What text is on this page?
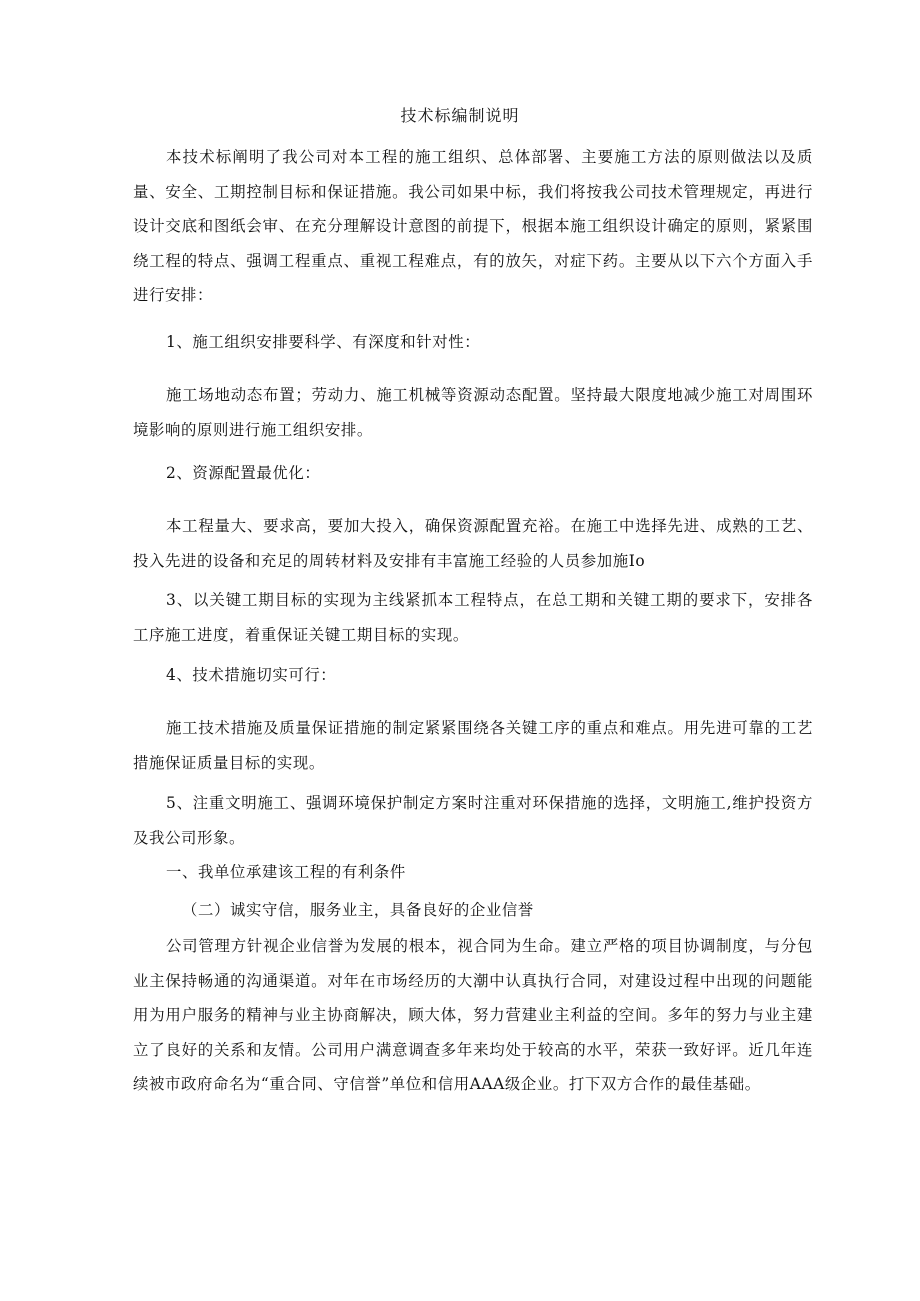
技术标编制说明

本技术标阐明了我公司对本工程的施工组织、总体部署、主要施工方法的原则做法以及质量、安全、工期控制目标和保证措施。我公司如果中标，我们将按我公司技术管理规定，再进行设计交底和图纸会审、在充分理解设计意图的前提下，根据本施工组织设计确定的原则，紧紧围绕工程的特点、强调工程重点、重视工程难点，有的放矢，对症下药。主要从以下六个方面入手进行安排：

1、施工组织安排要科学、有深度和针对性：

施工场地动态布置；劳动力、施工机械等资源动态配置。坚持最大限度地减少施工对周围环境影响的原则进行施工组织安排。

2、资源配置最优化：

本工程量大、要求高，要加大投入，确保资源配置充裕。在施工中选择先进、成熟的工艺、投入先进的设备和充足的周转材料及安排有丰富施工经验的人员参加施Io

3、以关键工期目标的实现为主线紧抓本工程特点，在总工期和关键工期的要求下，安排各工序施工进度，着重保证关键工期目标的实现。

4、技术措施切实可行：

施工技术措施及质量保证措施的制定紧紧围绕各关键工序的重点和难点。用先进可靠的工艺措施保证质量目标的实现。

5、注重文明施工、强调环境保护制定方案时注重对环保措施的选择，文明施工,维护投资方及我公司形象。

一、我单位承建该工程的有利条件

（二）诚实守信，服务业主，具备良好的企业信誉

公司管理方针视企业信誉为发展的根本，视合同为生命。建立严格的项目协调制度，与分包业主保持畅通的沟通渠道。对年在市场经历的大潮中认真执行合同，对建设过程中出现的问题能用为用户服务的精神与业主协商解决，顾大体，努力营建业主利益的空间。多年的努力与业主建立了良好的关系和友情。公司用户满意调查多年来均处于较高的水平，荣获一致好评。近几年连续被市政府命名为“重合同、守信誉”单位和信用AAA级企业。打下双方合作的最佳基础。
